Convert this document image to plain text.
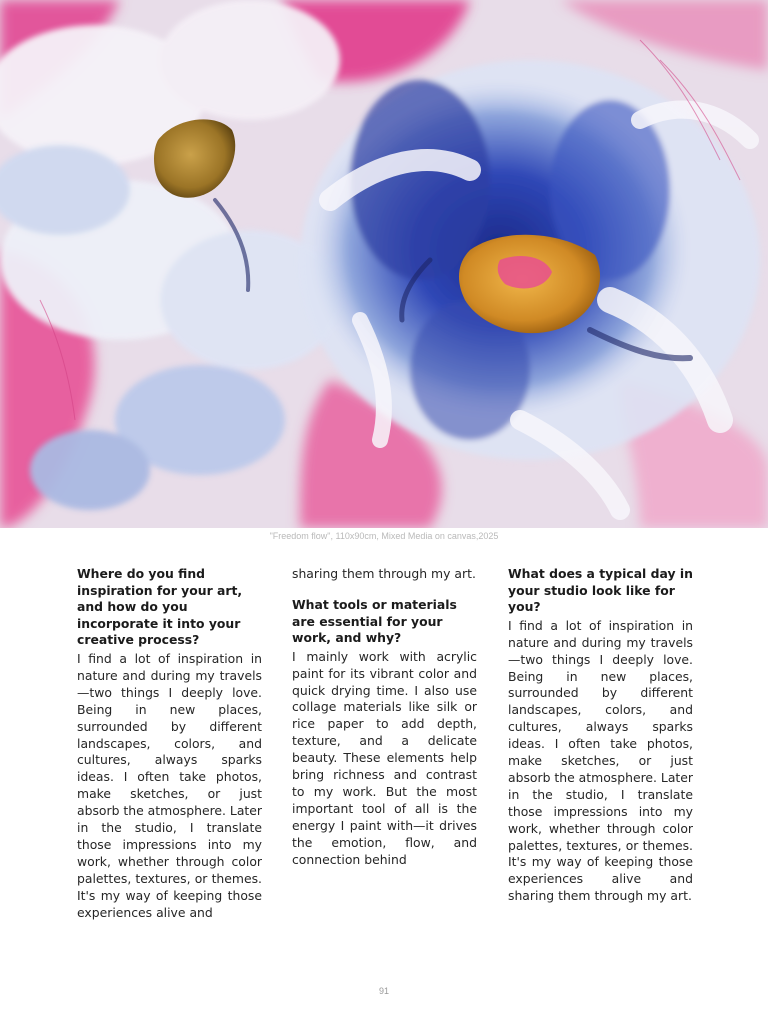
"Freedom flow", 110x90cm, Mixed Media on canvas,2025

Where do you find inspiration for your art, and how do you incorporate it into your creative process?

I find a lot of inspiration in nature and during my travels—two things I deeply love. Being in new places, surrounded by different landscapes, colors, and cultures, always sparks ideas. I often take photos, make sketches, or just absorb the atmosphere. Later in the studio, I translate those impressions into my work, whether through color palettes, textures, or themes. It's my way of keeping those experiences alive and

sharing them through my art.

What tools or materials are essential for your work, and why?

I mainly work with acrylic paint for its vibrant color and quick drying time. I also use collage materials like silk or rice paper to add depth, texture, and a delicate beauty. These elements help bring richness and contrast to my work. But the most important tool of all is the energy I paint with—it drives the emotion, flow, and connection behind

What does a typical day in your studio look like for you?

I find a lot of inspiration in nature and during my travels—two things I deeply love. Being in new places, surrounded by different landscapes, colors, and cultures, always sparks ideas. I often take photos, make sketches, or just absorb the atmosphere. Later in the studio, I translate those impressions into my work, whether through color palettes, textures, or themes. It's my way of keeping those experiences alive and sharing them through my art.

91
